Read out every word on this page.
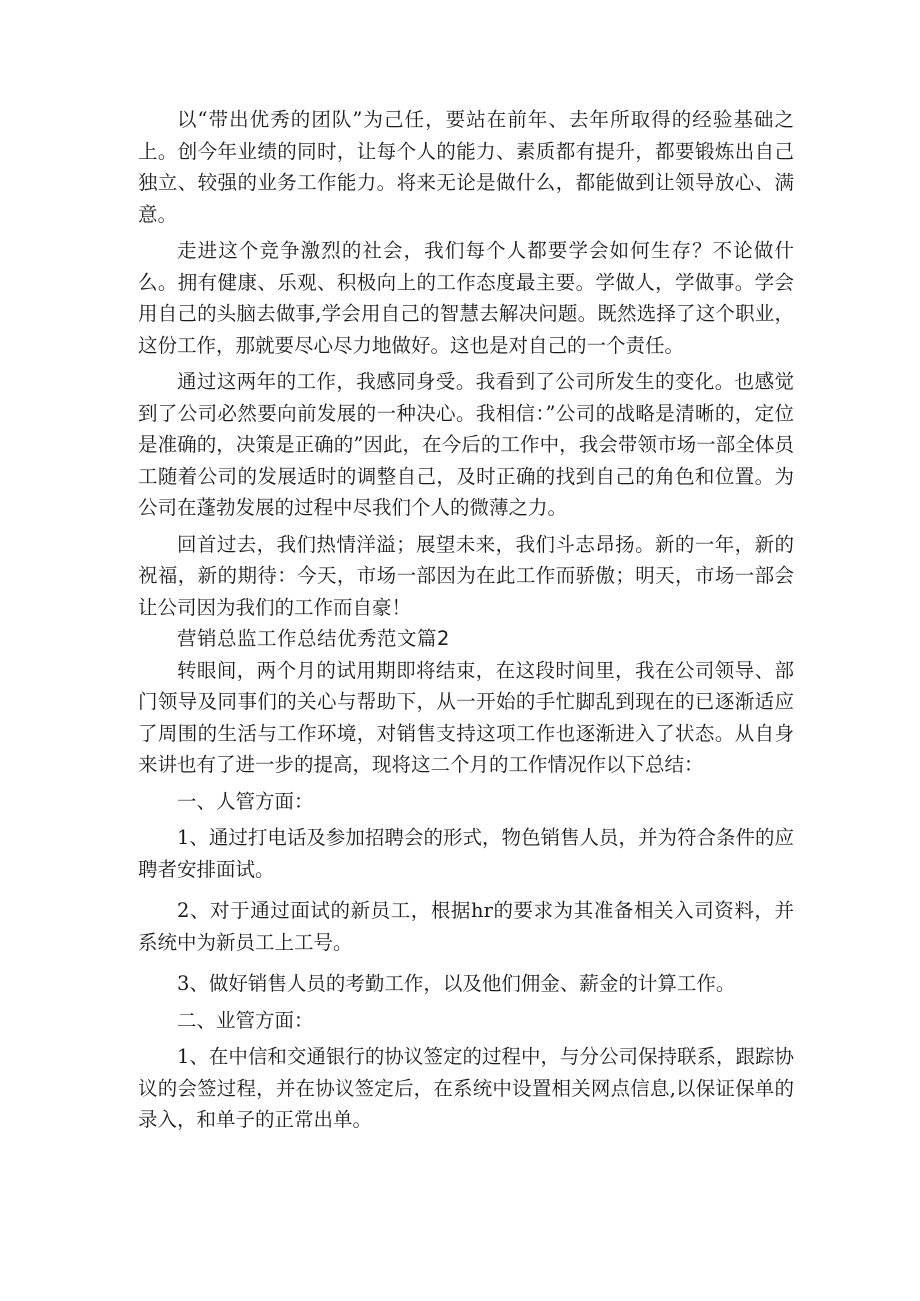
以“带出优秀的团队”为己任，要站在前年、去年所取得的经验基础之上。创今年业绩的同时，让每个人的能力、素质都有提升，都要锻炼出自己独立、较强的业务工作能力。将来无论是做什么，都能做到让领导放心、满意。

走进这个竞争激烈的社会，我们每个人都要学会如何生存？不论做什么。拥有健康、乐观、积极向上的工作态度最主要。学做人，学做事。学会用自己的头脑去做事,学会用自己的智慧去解决问题。既然选择了这个职业，这份工作，那就要尽心尽力地做好。这也是对自己的一个责任。

通过这两年的工作，我感同身受。我看到了公司所发生的变化。也感觉到了公司必然要向前发展的一种决心。我相信：”公司的战略是清晰的，定位是准确的，决策是正确的”因此，在今后的工作中，我会带领市场一部全体员工随着公司的发展适时的调整自己，及时正确的找到自己的角色和位置。为公司在蓬勃发展的过程中尽我们个人的微薄之力。

回首过去，我们热情洋溢；展望未来，我们斗志昂扬。新的一年，新的祝福，新的期待：今天，市场一部因为在此工作而骄傲；明天，市场一部会让公司因为我们的工作而自豪！

营销总监工作总结优秀范文篇2

转眼间，两个月的试用期即将结束，在这段时间里，我在公司领导、部门领导及同事们的关心与帮助下，从一开始的手忙脚乱到现在的已逐渐适应了周围的生活与工作环境，对销售支持这项工作也逐渐进入了状态。从自身来讲也有了进一步的提高，现将这二个月的工作情况作以下总结：

一、人管方面：

1、通过打电话及参加招聘会的形式，物色销售人员，并为符合条件的应聘者安排面试。

2、对于通过面试的新员工，根据hr的要求为其准备相关入司资料，并系统中为新员工上工号。

3、做好销售人员的考勤工作，以及他们佣金、薪金的计算工作。

二、业管方面：

1、在中信和交通银行的协议签定的过程中，与分公司保持联系，跟踪协议的会签过程，并在协议签定后，在系统中设置相关网点信息,以保证保单的录入，和单子的正常出单。
